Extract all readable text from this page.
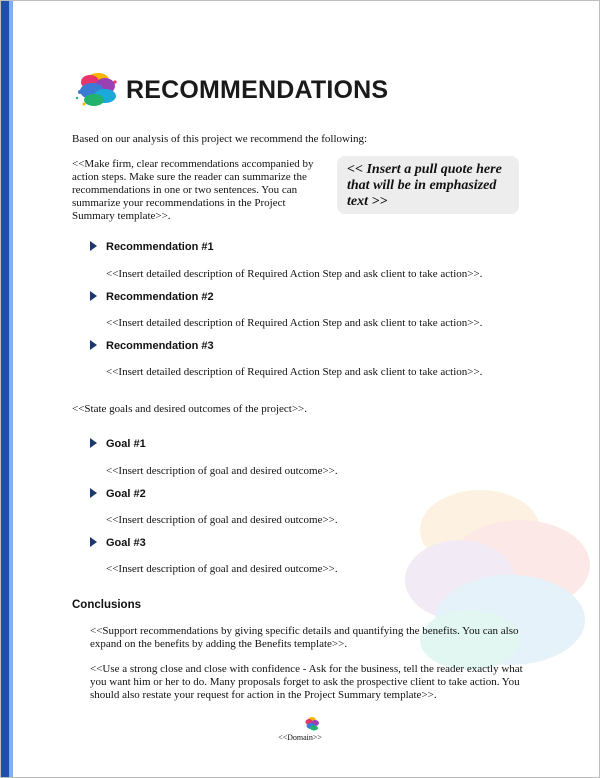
RECOMMENDATIONS

Based on our analysis of this project we recommend the following:

<<Make firm, clear recommendations accompanied by action steps. Make sure the reader can summarize the recommendations in one or two sentences. You can summarize your recommendations in the Project Summary template>>.

<< Insert a pull quote here that will be in emphasized text >>
Recommendation #1
<<Insert detailed description of Required Action Step and ask client to take action>>.
Recommendation #2
<<Insert detailed description of Required Action Step and ask client to take action>>.
Recommendation #3
<<Insert detailed description of Required Action Step and ask client to take action>>.

<<State goals and desired outcomes of the project>>.

Goal #1
<<Insert description of goal and desired outcome>>.
Goal #2
<<Insert description of goal and desired outcome>>.
Goal #3
<<Insert description of goal and desired outcome>>.
Conclusions

<<Support recommendations by giving specific details and quantifying the benefits. You can also expand on the benefits by adding the Benefits template>>.

<<Use a strong close and close with confidence - Ask for the business, tell the reader exactly what you want him or her to do. Many proposals forget to ask the prospective client to take action. You should also restate your request for action in the Project Summary template>>.

<<Domain>>
